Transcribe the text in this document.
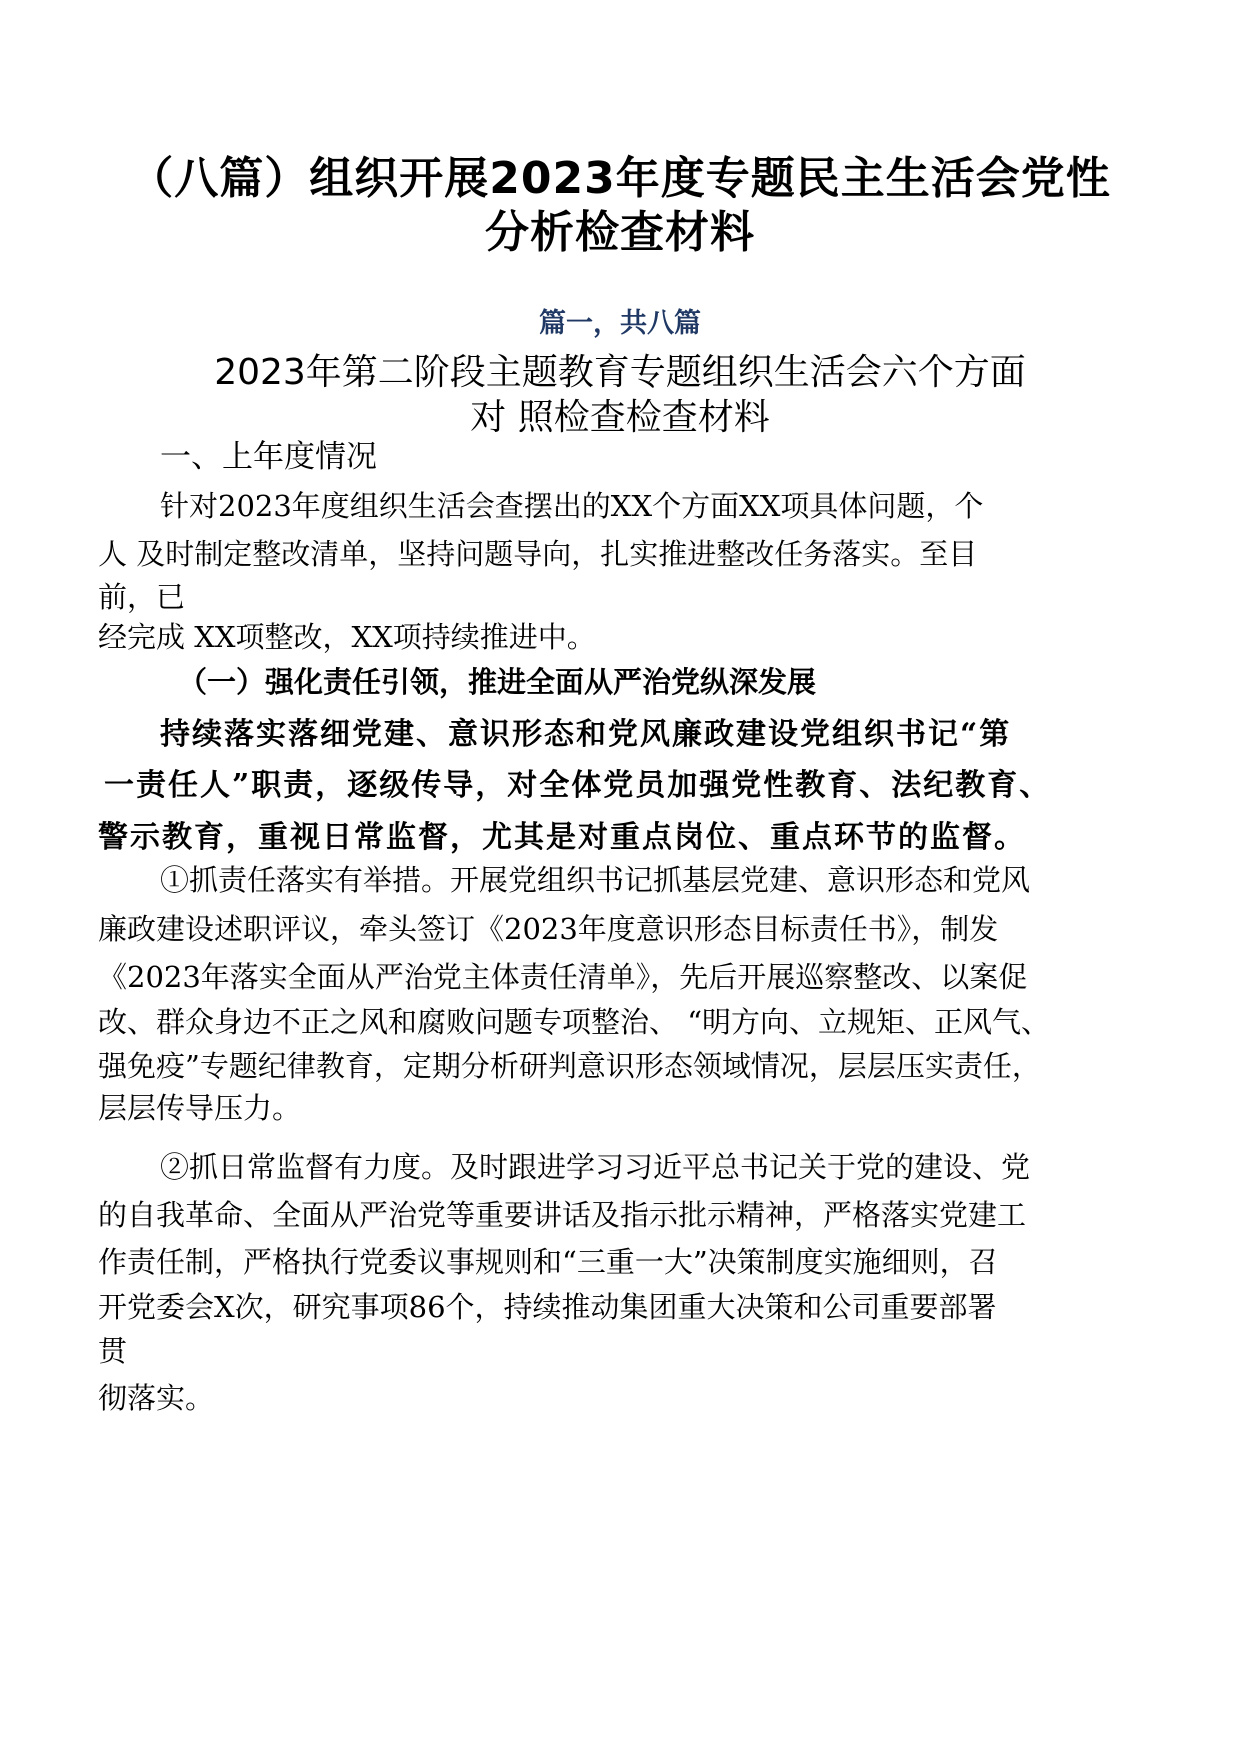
（八篇）组织开展2023年度专题民主生活会党性
分析检查材料
篇一，共八篇
2023年第二阶段主题教育专题组织生活会六个方面
对 照检查检查材料
一、上年度情况
针对2023年度组织生活会查摆出的XX个方面XX项具体问题，个
人 及时制定整改清单，坚持问题导向，扎实推进整改任务落实。至目
前，已
经完成 XX项整改，XX项持续推进中。
（一）强化责任引领，推进全面从严治党纵深发展
持续落实落细党建、意识形态和党风廉政建设党组织书记“第
一责任人”职责，逐级传导，对全体党员加强党性教育、法纪教育、
警示教育，重视日常监督，尤其是对重点岗位、重点环节的监督。
①抓责任落实有举措。开展党组织书记抓基层党建、意识形态和党风
廉政建设述职评议，牵头签订《2023年度意识形态目标责任书》，制发
《2023年落实全面从严治党主体责任清单》，先后开展巡察整改、以案促
改、群众身边不正之风和腐败问题专项整治、 “明方向、立规矩、正风气、
强免疫”专题纪律教育，定期分析研判意识形态领域情况，层层压实责任，
层层传导压力。
②抓日常监督有力度。及时跟进学习习近平总书记关于党的建设、党
的自我革命、全面从严治党等重要讲话及指示批示精神，严格落实党建工
作责任制，严格执行党委议事规则和“三重一大”决策制度实施细则，召
开党委会X次，研究事项86个，持续推动集团重大决策和公司重要部署
贯
彻落实。
